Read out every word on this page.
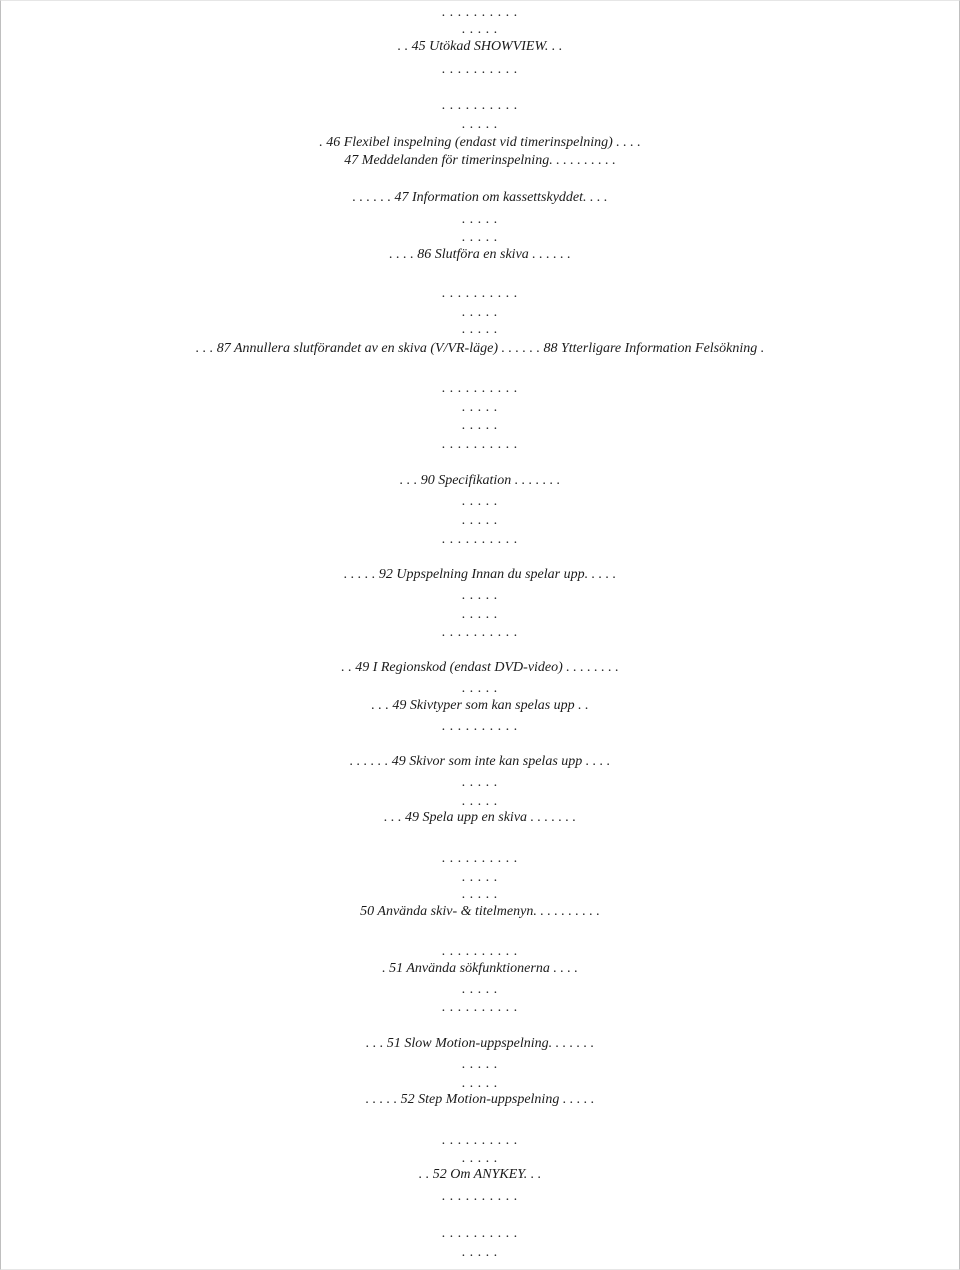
. . . . . . . . . .
. . . . .
. . 45 Utökad SHOWVIEW. . .
. . . . . . . . . .
. . . . . . . . . .
. . . . .
. 46 Flexibel inspelning (endast vid timerinspelning) . . . .
47 Meddelanden för timerinspelning. . . . . . . . . .
. . . . . . 47 Information om kassettskyddet. . . .
. . . . .
. . . . .
. . . . 86 Slutföra en skiva . . . . . .
. . . . . . . . . .
. . . . .
. . . . .
. . . 87 Annullera slutförandet av en skiva (V/VR-läge) . . . . . . 88 Ytterligare Information Felsökning .
. . . . . . . . . .
. . . . .
. . . . .
. . . . . . . . . .
. . . 90 Specifikation . . . . . . .
. . . . .
. . . . .
. . . . . . . . . .
. . . . . 92 Uppspelning Innan du spelar upp. . . . .
. . . . .
. . . . .
. . . . . . . . . .
. . 49 I Regionskod (endast DVD-video) . . . . . . . .
. . . . .
. . . 49 Skivtyper som kan spelas upp . .
. . . . . . . . . .
. . . . . . 49 Skivor som inte kan spelas upp . . . .
. . . . .
. . . . .
. . . 49 Spela upp en skiva . . . . . . .
. . . . . . . . . .
. . . . .
. . . . .
50 Använda skiv- & titelmenyn. . . . . . . . . .
. . . . . . . . . .
. 51 Använda sökfunktionerna . . . .
. . . . .
. . . . . . . . . .
. . . 51 Slow Motion-uppspelning. . . . . . .
. . . . .
. . . . .
. . . . . 52 Step Motion-uppspelning . . . . .
. . . . . . . . . .
. . . . .
. . 52 Om ANYKEY. . .
. . . . . . . . . .
. . . . . . . . . .
. . . . .
